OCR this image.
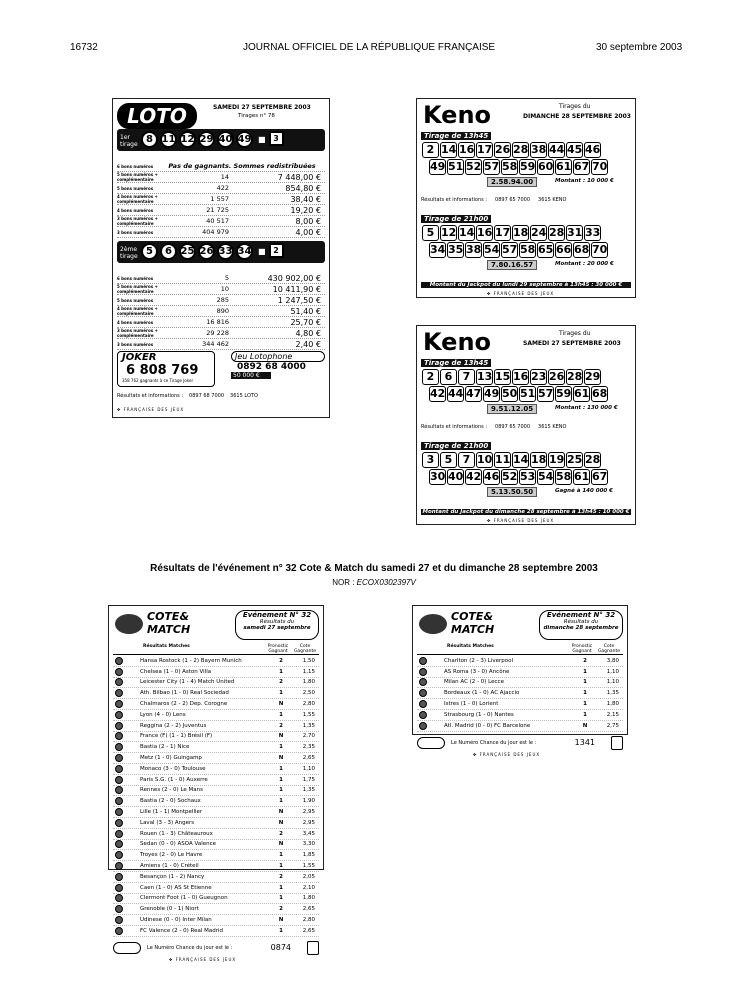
16732	JOURNAL OFFICIEL DE LA RÉPUBLIQUE FRANÇAISE	30 septembre 2003
LOTO	SAMEDI 27 SEPTEMBRE 2003
Tirages n° 78
1er tirage 8 11 12 29 40 49 ■ 3
6 bons numéros	Pas de gagnants. Sommes redistribuées
5 bons numéros + complémentaire	14	7 448,00 €
5 bons numéros	422	854,80 €
4 bons numéros + complémentaire	1 557	38,40 €
4 bons numéros	21 725	19,20 €
3 bons numéros + complémentaire	40 517	8,00 €
3 bons numéros	404 979	4,00 €
2ème tirage 5	6 25 26 33 34 ■ 2
6 bons numéros	5	430 902,00 €
5 bons numéros + complémentaire	10	10 411,90 €
5 bons numéros	285	1 247,50 €
4 bons numéros + complémentaire	890	51,40 €
4 bons numéros	16 816	25,70 €
3 bons numéros + complémentaire	29 228	4,80 €
3 bons numéros	344 462	2,40 €
JOKER
6 808 769
358 762 gagnants à ce Tirage Joker
Jeu Lotophone
0892 68 4000
50 000 €
Résultats et informations : 0897 68 7000 3615 LOTO
✤ FRANÇAISE DES JEUX
Keno	Tirages du
DIMANCHE 28 SEPTEMBRE 2003
Tirage de 13h45
2 14 16 17 26 28 38 44 45 46
49 51 52 57 58 59 60 61 67 70
2.58.94.00	Montant : 10 000 €
Tirage de 21h00
5 12 14 16 17 18 24 28 31 33
34 35 38 54 57 58 65 66 68 70
7.80.16.57	Montant : 20 000 €
Résultats et informations : 0897 65 7000 3615 KENO
Montant du Jackpot du lundi 29 septembre à 13h45 : 30 000 €
✤ FRANÇAISE DES JEUX
Keno	Tirages du
SAMEDI 27 SEPTEMBRE 2003
Tirage de 13h45
2 6 7 13 15 16 23 26 28 29
42 44 47 49 50 51 57 59 61 68
9.51.12.05	Montant : 130 000 €
Tirage de 21h00
3 5 7 10 11 14 18 19 25 28
30 40 42 46 52 53 54 58 61 67
5.13.50.50	Gagné à 140 000 €
Résultats et informations : 0897 65 7000 3615 KENO
Montant du Jackpot du dimanche 28 septembre à 13h45 : 10 000 €
✤ FRANÇAISE DES JEUX
Résultats de l'événement n° 32 Cote & Match du samedi 27 et du dimanche 28 septembre 2003
NOR : ECOX0302397V
COTE&
MATCH
Evénement N° 32
Résultats du
samedi 27 septembre
Résultats Matches	Pronostic Gagnant
Cote Gagnante
Hansa Rostock (1 - 2) Bayern Munich	2	1,50
Chelsea (1 - 0) Aston Villa	1	1,15
Leicester City (1 - 4) Match United	2	1,80
Ath. Bilbao (1 - 0) Real Sociedad	1	2,50
Chalmaros (2 - 2) Dep. Corogne	N	2,80
Lyon (4 - 0) Lens	1	1,55
Reggina (2 - 2) Juventus	2	1,35
France (F) (1 - 1) Brésil (F)	N	2,70
Bastia (2 - 1) Nice	1	2,35
Metz (1 - 0) Guingamp	N	2,65
Monaco (3 - 0) Toulouse	1	1,10
Paris S.G. (1 - 0) Auxerre	1	1,75
Rennes (2 - 0) Le Mans	1	1,35
Bastia (2 - 0) Sochaux	1	1,90
Lille (1 - 1) Montpellier	N	2,95
Laval (3 - 3) Angers	N	2,95
Rouen (1 - 3) Châteauroux	2	3,45
Sedan (0 - 0) ASOA Valence	N	3,30
Troyes (2 - 0) Le Havre	1	1,85
Amiens (1 - 0) Créteil	1	1,55
Besançon (1 - 2) Nancy	2	2,05
Caen (1 - 0) AS St Etienne	1	2,10
Clermont Foot (1 - 0) Gueugnon	1	1,80
Grenoble (0 - 1) Niort	2	2,65
Udinese (0 - 0) Inter Milan	N	2,80
FC Valence (2 - 0) Real Madrid	1	2,65
Le Numéro Chance du jour est le :	0874
✤ FRANÇAISE DES JEUX
COTE&
MATCH
Evénement N° 32
Résultats du
dimanche 28 septembre
Résultats Matches	Pronostic Gagnant
Cote Gagnante
Charlton (2 - 3) Liverpool	2	3,80
AS Roma (3 - 0) Ancône	1	1,10
Milan AC (2 - 0) Lecce	1	1,10
Bordeaux (1 - 0) AC Ajaccio	1	1,35
Istres (1 - 0) Lorient	1	1,80
Strasbourg (1 - 0) Nantes	1	2,15
Atl. Madrid (0 - 0) FC Barcelone	N	2,75
Le Numéro Chance du jour est le :	1341
✤ FRANÇAISE DES JEUX
